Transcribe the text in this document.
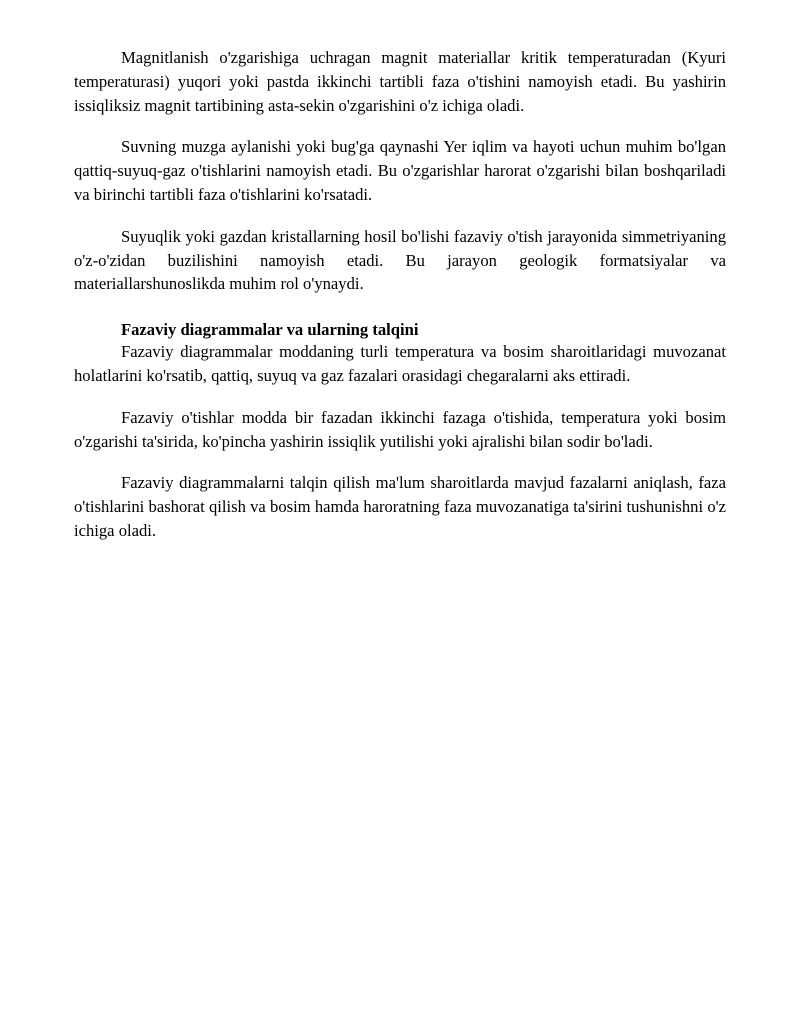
Magnitlanish o'zgarishiga uchragan magnit materiallar kritik temperaturadan (Kyuri temperaturasi) yuqori yoki pastda ikkinchi tartibli faza o'tishini namoyish etadi. Bu yashirin issiqliksiz magnit tartibining asta-sekin o'zgarishini o'z ichiga oladi.

Suvning muzga aylanishi yoki bug'ga qaynashi Yer iqlim va hayoti uchun muhim bo'lgan qattiq-suyuq-gaz o'tishlarini namoyish etadi. Bu o'zgarishlar harorat o'zgarishi bilan boshqariladi va birinchi tartibli faza o'tishlarini ko'rsatadi.

Suyuqlik yoki gazdan kristallarning hosil bo'lishi fazaviy o'tish jarayonida simmetriyaning o'z-o'zidan buzilishini namoyish etadi. Bu jarayon geologik formatsiyalar va materiallarshunoslikda muhim rol o'ynaydi.

Fazaviy diagrammalar va ularning talqini

Fazaviy diagrammalar moddaning turli temperatura va bosim sharoitlaridagi muvozanat holatlarini ko'rsatib, qattiq, suyuq va gaz fazalari orasidagi chegaralarni aks ettiradi.

Fazaviy o'tishlar modda bir fazadan ikkinchi fazaga o'tishida, temperatura yoki bosim o'zgarishi ta'sirida, ko'pincha yashirin issiqlik yutilishi yoki ajralishi bilan sodir bo'ladi.

Fazaviy diagrammalarni talqin qilish ma'lum sharoitlarda mavjud fazalarni aniqlash, faza o'tishlarini bashorat qilish va bosim hamda haroratning faza muvozanatiga ta'sirini tushunishni o'z ichiga oladi.
